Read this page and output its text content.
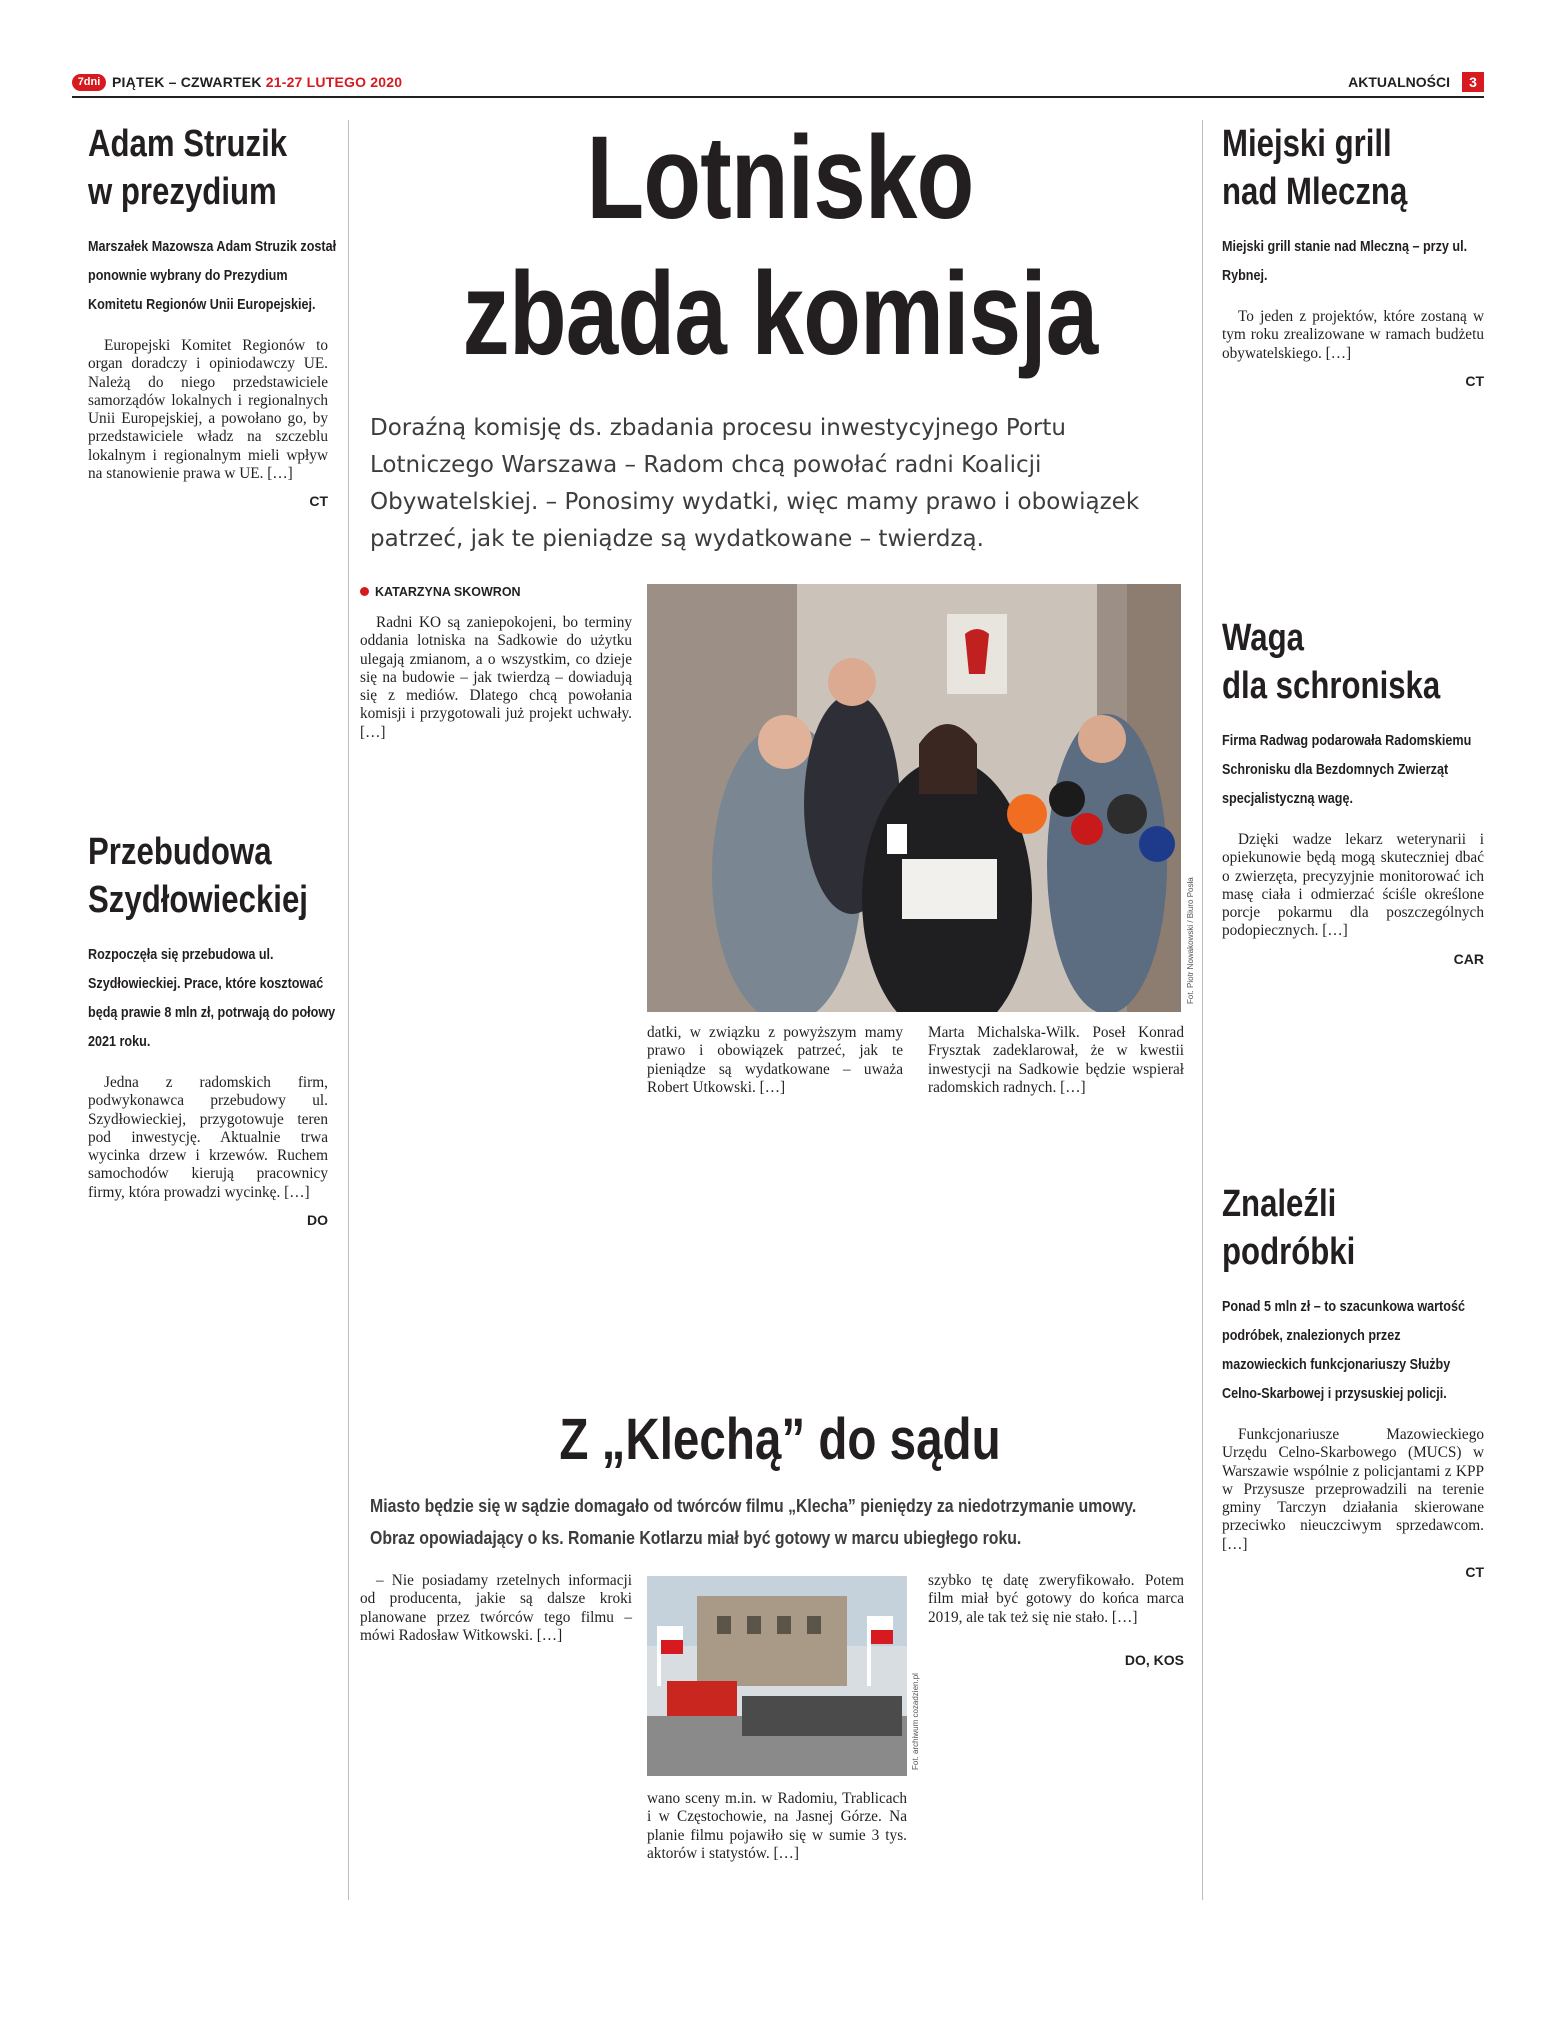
7dni PIĄTEK – CZWARTEK 21-27 LUTEGO 2020	AKTUALNOŚCI	3
Adam Struzik
w prezydium
Marszałek Mazowsza Adam Struzik został ponownie wybrany do Prezydium Komitetu Regionów Unii Europejskiej.

Europejski Komitet Regionów to organ doradczy i opiniodawczy UE. Należą do niego przedstawiciele samorządów lokalnych i regionalnych Unii Europejskiej, a powołano go, by przedstawiciele władz na szczeblu lokalnym i regionalnym mieli wpływ na stanowienie prawa w UE. […]

CT
Przebudowa
Szydłowieckiej
Rozpoczęła się przebudowa ul. Szydłowieckiej. Prace, które kosztować będą prawie 8 mln zł, potrwają do połowy 2021 roku.

Jedna z radomskich firm, podwykonawca przebudowy ul. Szydłowieckiej, przygotowuje teren pod inwestycję. Aktualnie trwa wycinka drzew i krzewów. Ruchem samochodów kierują pracownicy firmy, która prowadzi wycinkę. […]

DO
Lotnisko
zbada komisja
Doraźną komisję ds. zbadania procesu inwestycyjnego Portu Lotniczego Warszawa – Radom chcą powołać radni Koalicji Obywatelskiej. – Ponosimy wydatki, więc mamy prawo i obowiązek patrzeć, jak te pieniądze są wydatkowane – twierdzą.
KATARZYNA SKOWRON
Fot. Piotr Nowakowski / Biuro Posła

Radni KO są zaniepokojeni, bo terminy oddania lotniska na Sadkowie do użytku ulegają zmianom, a o wszystkim, co dzieje się na budowie – jak twierdzą – dowiadują się z mediów. Dlatego chcą powołania komisji i przygotowali już projekt uchwały. […]

datki, w związku z powyższym mamy prawo i obowiązek patrzeć, jak te pieniądze są wydatkowane – uważa Robert Utkowski. […]

Marta Michalska-Wilk. Poseł Konrad Frysztak zadeklarował, że w kwestii inwestycji na Sadkowie będzie wspierał radomskich radnych. […]

Z „Klechą” do sądu
Miasto będzie się w sądzie domagało od twórców filmu „Klecha” pieniędzy za niedotrzymanie umowy.
Obraz opowiadający o ks. Romanie Kotlarzu miał być gotowy w marcu ubiegłego roku.

– Nie posiadamy rzetelnych informacji od producenta, jakie są dalsze kroki planowane przez twórców tego filmu – mówi Radosław Witkowski. […]

Fot. archiwum cozadzien.pl

wano sceny m.in. w Radomiu, Trablicach i w Częstochowie, na Jasnej Górze. Na planie filmu pojawiło się w sumie 3 tys. aktorów i statystów. […]

szybko tę datę zweryfikowało. Potem film miał być gotowy do końca marca 2019, ale tak też się nie stało. […]

DO, KOS
Miejski grill
nad Mleczną
Miejski grill stanie nad Mleczną – przy ul. Rybnej.

To jeden z projektów, które zostaną w tym roku zrealizowane w ramach budżetu obywatelskiego. […]

CT
Waga
dla schroniska
Firma Radwag podarowała Radomskiemu Schronisku dla Bezdomnych Zwierząt specjalistyczną wagę.

Dzięki wadze lekarz weterynarii i opiekunowie będą mogą skuteczniej dbać o zwierzęta, precyzyjnie monitorować ich masę ciała i odmierzać ściśle określone porcje pokarmu dla poszczególnych podopiecznych. […]

CAR
Znaleźli
podróbki
Ponad 5 mln zł – to szacunkowa wartość podróbek, znalezionych przez mazowieckich funkcjonariuszy Służby Celno-Skarbowej i przysuskiej policji.

Funkcjonariusze Mazowieckiego Urzędu Celno-Skarbowego (MUCS) w Warszawie wspólnie z policjantami z KPP w Przysusze przeprowadzili na terenie gminy Tarczyn działania skierowane przeciwko nieuczciwym sprzedawcom. […]

CT
